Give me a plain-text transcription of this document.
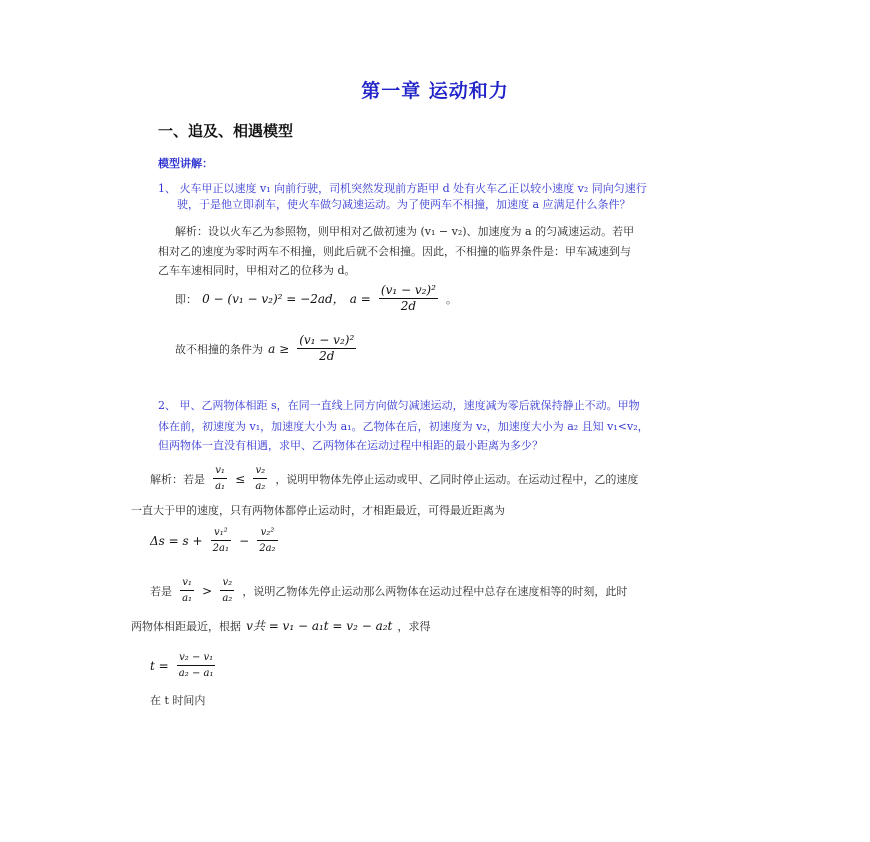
第一章 运动和力
一、追及、相遇模型
模型讲解：
1、 火车甲正以速度 v₁ 向前行驶，司机突然发现前方距甲 d 处有火车乙正以较小速度 v₂ 同向匀速行
驶，于是他立即刹车，使火车做匀减速运动。为了使两车不相撞，加速度 a 应满足什么条件？
解析：设以火车乙为参照物，则甲相对乙做初速为 (v₁ − v₂)、加速度为 a 的匀减速运动。若甲
相对乙的速度为零时两车不相撞，则此后就不会相撞。因此，不相撞的临界条件是：甲车减速到与
乙车车速相同时，甲相对乙的位移为 d。
即： 0 − (v₁ − v₂)² = −2ad， $a = \frac{\text{(v₁ − v₂)²}}{2d}$ 。
故不相撞的条件为 $a \ge \frac{\text{(v₁ − v₂)²}}{2d}$
2、 甲、乙两物体相距 s，在同一直线上同方向做匀减速运动，速度减为零后就保持静止不动。甲物
体在前，初速度为 v₁，加速度大小为 a₁。乙物体在后，初速度为 v₂，加速度大小为 a₂ 且知 v₁<v₂，
但两物体一直没有相遇，求甲、乙两物体在运动过程中相距的最小距离为多少？
解析：若是 $\frac{\text{v₁}}{\text{a₁}} \le \frac{\text{v₂}}{\text{a₂}}$ ，说明甲物体先停止运动或甲、乙同时停止运动。在运动过程中，乙的速度
一直大于甲的速度，只有两物体都停止运动时，才相距最近，可得最近距离为
$\Delta s = s + \frac{\text{v₁²}}{\text{2a₁}} - \frac{\text{v₂²}}{\text{2a₂}}$
若是 $\frac{\text{v₁}}{\text{a₁}} > \frac{\text{v₂}}{\text{a₂}}$ ，说明乙物体先停止运动那么两物体在运动过程中总存在速度相等的时刻，此时
两物体相距最近，根据 v共 = v₁ − a₁t = v₂ − a₂t ，求得
$t = \frac{\text{v₂ − v₁}}{\text{a₂ − a₁}}$
在 t 时间内
